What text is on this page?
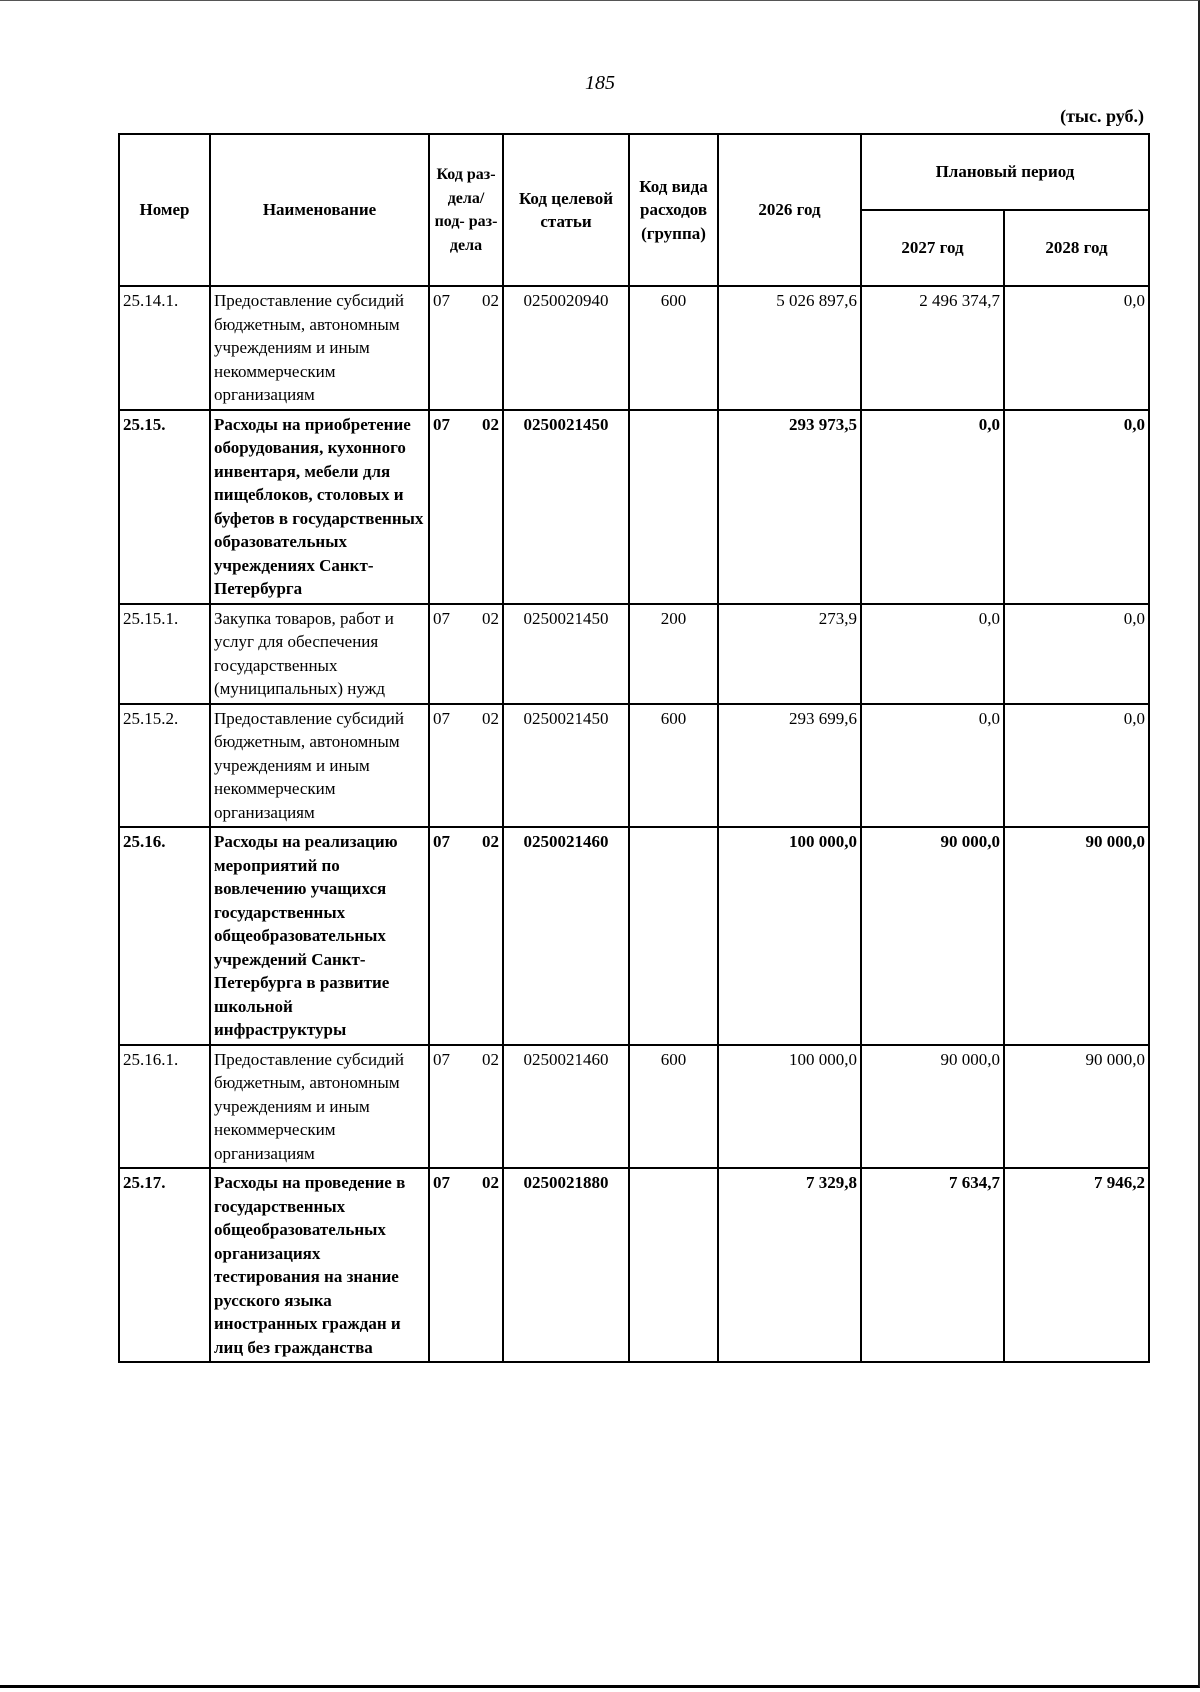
185
(тыс. руб.)
Номер	Наименование	Код раз- дела/ под- раз- дела	Код целевой статьи	Код вида расходов (группа)	2026 год	Плановый период	
						2027 год	2028 год
25.14.1.	Предоставление субсидий бюджетным, автономным учреждениям и иным некоммерческим организациям	07 02	0250020940	600	5 026 897,6	2 496 374,7	0,0
25.15.	Расходы на приобретение оборудования, кухонного инвентаря, мебели для пищеблоков, столовых и буфетов в государственных образовательных учреждениях Санкт-Петербурга	07 02	0250021450		293 973,5	0,0	0,0
25.15.1.	Закупка товаров, работ и услуг для обеспечения государственных (муниципальных) нужд	07 02	0250021450	200	273,9	0,0	0,0
25.15.2.	Предоставление субсидий бюджетным, автономным учреждениям и иным некоммерческим организациям	07 02	0250021450	600	293 699,6	0,0	0,0
25.16.	Расходы на реализацию мероприятий по вовлечению учащихся государственных общеобразовательных учреждений Санкт-Петербурга в развитие школьной инфраструктуры	07 02	0250021460		100 000,0	90 000,0	90 000,0
25.16.1.	Предоставление субсидий бюджетным, автономным учреждениям и иным некоммерческим организациям	07 02	0250021460	600	100 000,0	90 000,0	90 000,0
25.17.	Расходы на проведение в государственных общеобразовательных организациях тестирования на знание русского языка иностранных граждан и лиц без гражданства	07 02	0250021880		7 329,8	7 634,7	7 946,2
